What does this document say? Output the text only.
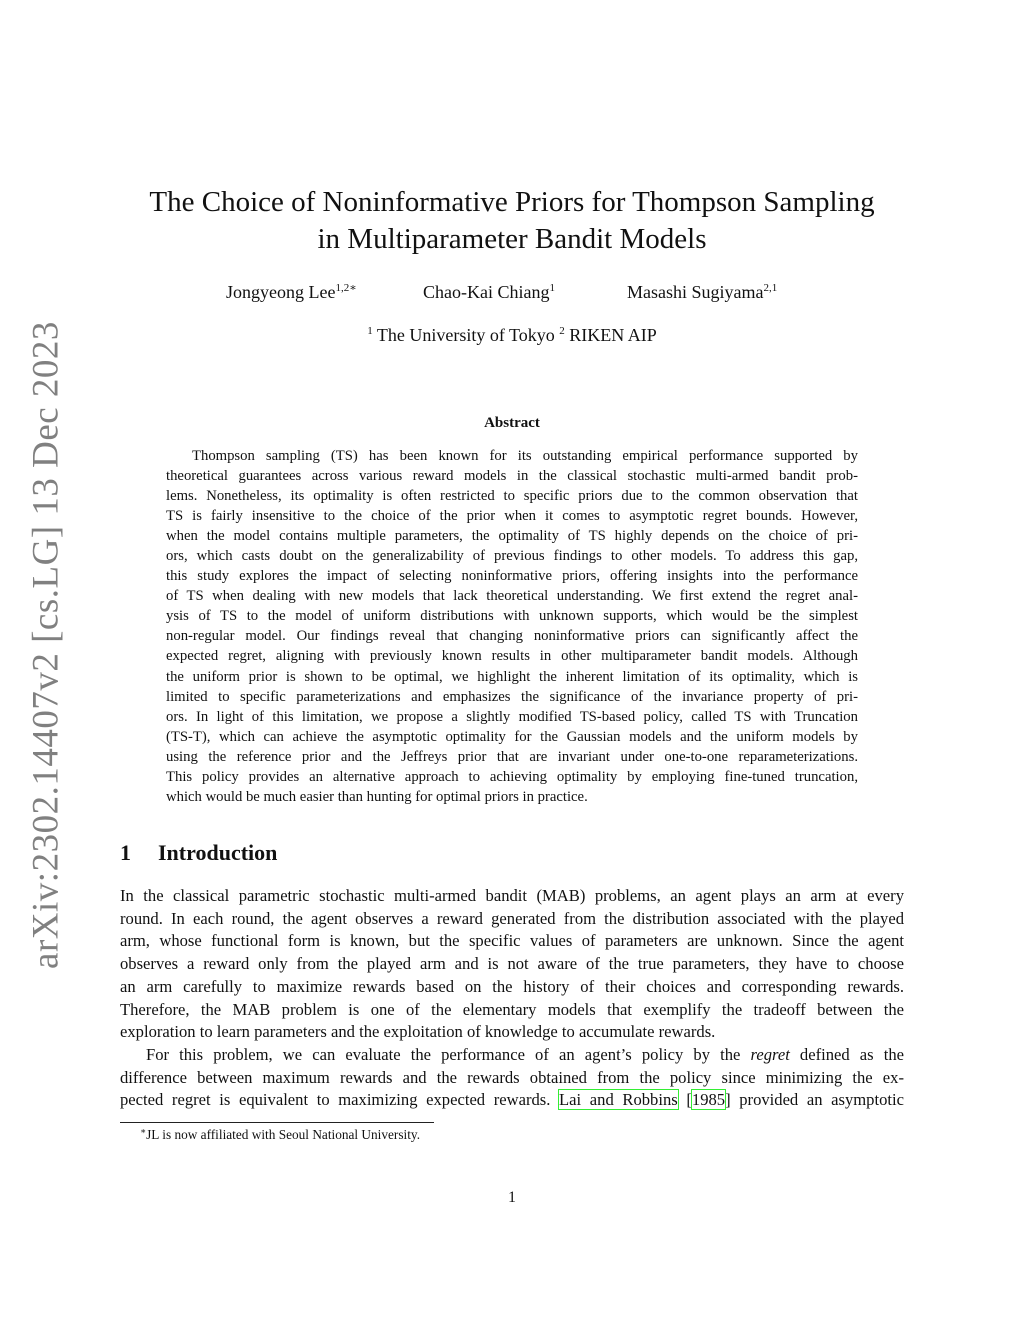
arXiv:2302.14407v2 [cs.LG] 13 Dec 2023
The Choice of Noninformative Priors for Thompson Sampling
in Multiparameter Bandit Models
Jongyeong Lee$^{1,2∗}$	Chao-Kai Chiang$^1$	Masashi Sugiyama$^{2,1}$
$^1$ The University of Tokyo $^2$ RIKEN AIP
Abstract
Thompson sampling (TS) has been known for its outstanding empirical performance supported by
theoretical guarantees across various reward models in the classical stochastic multi-armed bandit prob-
lems. Nonetheless, its optimality is often restricted to specific priors due to the common observation that
TS is fairly insensitive to the choice of the prior when it comes to asymptotic regret bounds. However,
when the model contains multiple parameters, the optimality of TS highly depends on the choice of pri-
ors, which casts doubt on the generalizability of previous findings to other models. To address this gap,
this study explores the impact of selecting noninformative priors, offering insights into the performance
of TS when dealing with new models that lack theoretical understanding. We first extend the regret anal-
ysis of TS to the model of uniform distributions with unknown supports, which would be the simplest
non-regular model. Our findings reveal that changing noninformative priors can significantly affect the
expected regret, aligning with previously known results in other multiparameter bandit models. Although
the uniform prior is shown to be optimal, we highlight the inherent limitation of its optimality, which is
limited to specific parameterizations and emphasizes the significance of the invariance property of pri-
ors. In light of this limitation, we propose a slightly modified TS-based policy, called TS with Truncation
(TS-T), which can achieve the asymptotic optimality for the Gaussian models and the uniform models by
using the reference prior and the Jeffreys prior that are invariant under one-to-one reparameterizations.
This policy provides an alternative approach to achieving optimality by employing fine-tuned truncation,
which would be much easier than hunting for optimal priors in practice.
1 Introduction
In the classical parametric stochastic multi-armed bandit (MAB) problems, an agent plays an arm at every
round. In each round, the agent observes a reward generated from the distribution associated with the played
arm, whose functional form is known, but the specific values of parameters are unknown. Since the agent
observes a reward only from the played arm and is not aware of the true parameters, they have to choose
an arm carefully to maximize rewards based on the history of their choices and corresponding rewards.
Therefore, the MAB problem is one of the elementary models that exemplify the tradeoff between the
exploration to learn parameters and the exploitation of knowledge to accumulate rewards.
For this problem, we can evaluate the performance of an agent’s policy by the regret defined as the
difference between maximum rewards and the rewards obtained from the policy since minimizing the ex-
pected regret is equivalent to maximizing expected rewards. Lai and Robbins [1985] provided an asymptotic
∗JL is now affiliated with Seoul National University.
1
